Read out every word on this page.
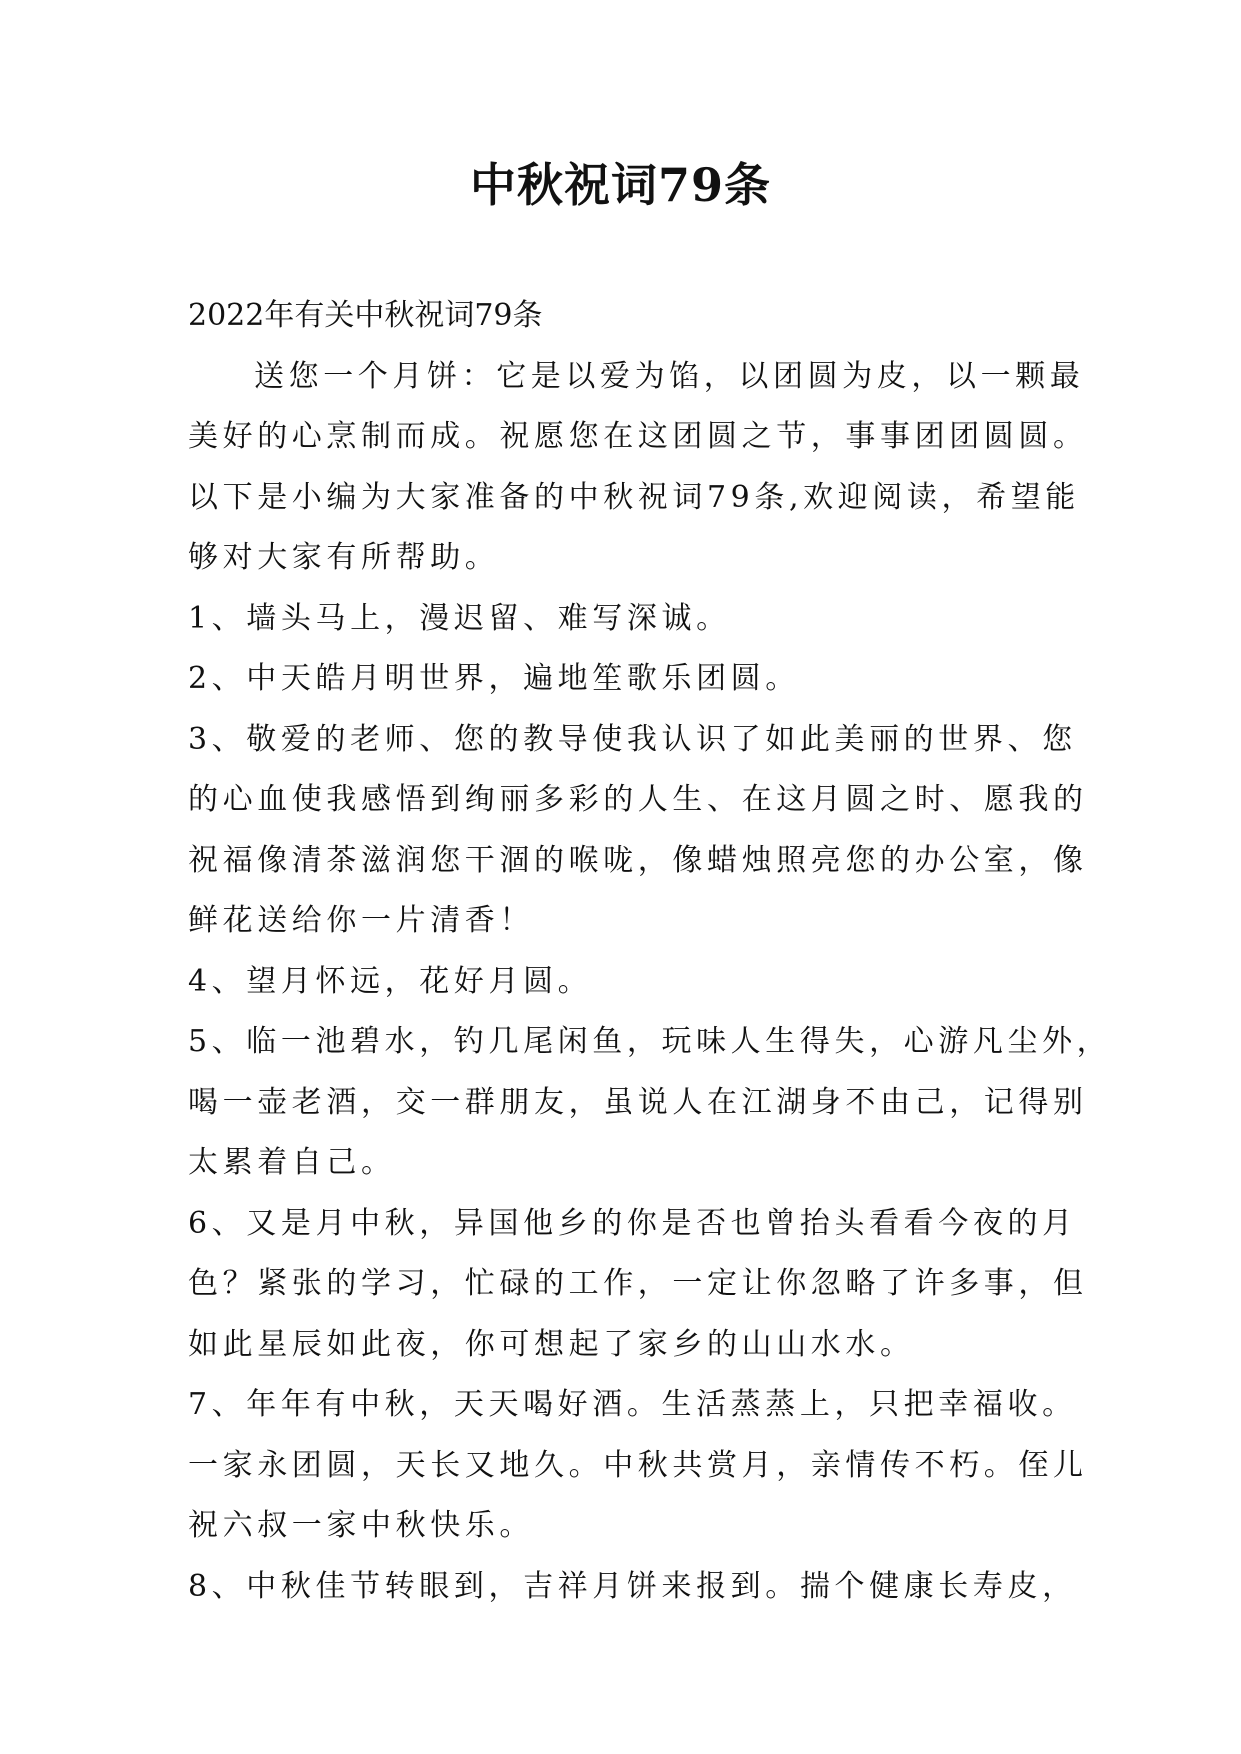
中秋祝词79条
2022年有关中秋祝词79条
送您一个月饼：它是以爱为馅，以团圆为皮，以一颗最
美好的心烹制而成。祝愿您在这团圆之节，事事团团圆圆。
以下是小编为大家准备的中秋祝词79条,欢迎阅读，希望能
够对大家有所帮助。
1、墙头马上，漫迟留、难写深诚。
2、中天皓月明世界，遍地笙歌乐团圆。
3、敬爱的老师、您的教导使我认识了如此美丽的世界、您
的心血使我感悟到绚丽多彩的人生、在这月圆之时、愿我的
祝福像清茶滋润您干涸的喉咙，像蜡烛照亮您的办公室，像
鲜花送给你一片清香！
4、望月怀远，花好月圆。
5、临一池碧水，钓几尾闲鱼，玩味人生得失，心游凡尘外，
喝一壶老酒，交一群朋友，虽说人在江湖身不由己，记得别
太累着自己。
6、又是月中秋，异国他乡的你是否也曾抬头看看今夜的月
色？紧张的学习，忙碌的工作，一定让你忽略了许多事，但
如此星辰如此夜，你可想起了家乡的山山水水。
7、年年有中秋，天天喝好酒。生活蒸蒸上，只把幸福收。
一家永团圆，天长又地久。中秋共赏月，亲情传不朽。侄儿
祝六叔一家中秋快乐。
8、中秋佳节转眼到，吉祥月饼来报到。揣个健康长寿皮，
